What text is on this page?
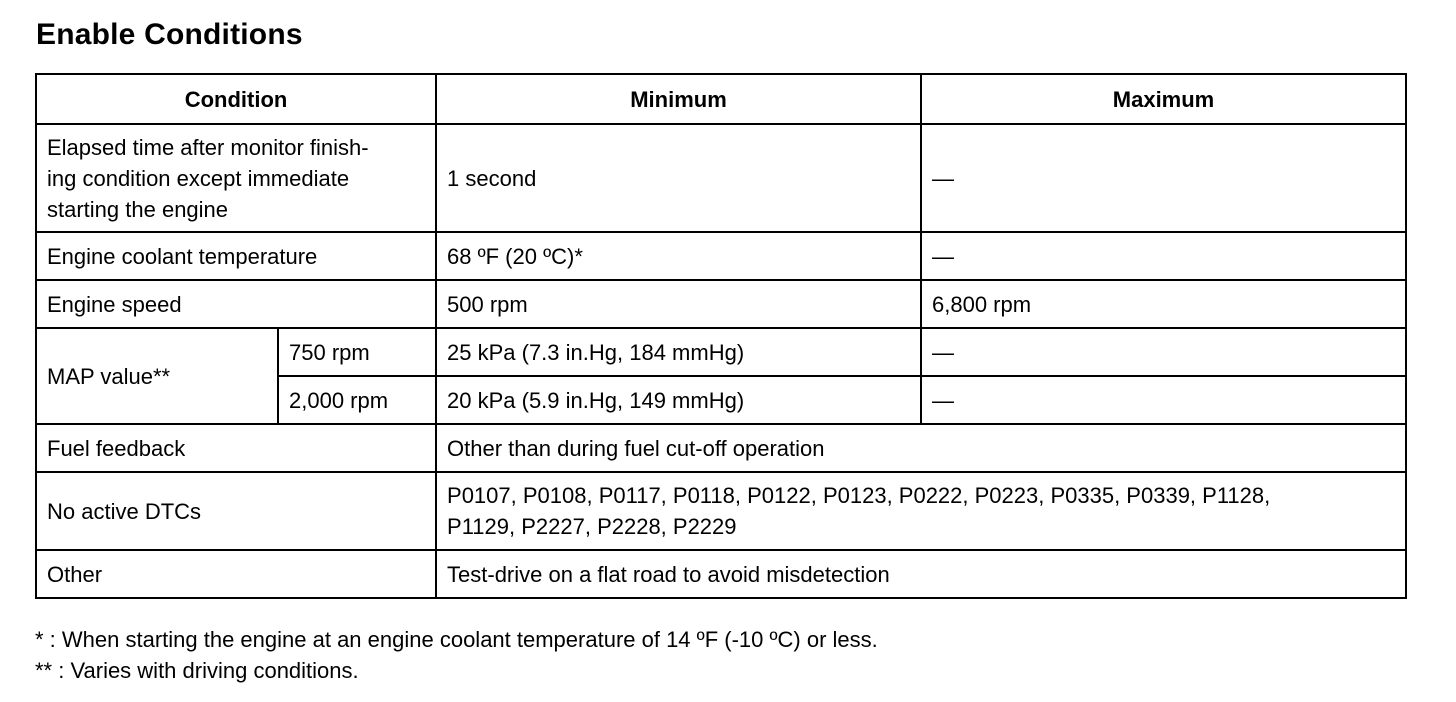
Enable Conditions
Condition		Minimum	Maximum

Elapsed time after monitor finish-
ing condition except immediate
starting the engine		1 second	—
Engine coolant temperature		68 ºF (20 ºC)*	—
Engine speed		500 rpm	6,800 rpm
MAP value**	750 rpm	25 kPa (7.3 in.Hg, 184 mmHg)	—
	2,000 rpm	20 kPa (5.9 in.Hg, 149 mmHg)	—
Fuel feedback		Other than during fuel cut-off operation	
No active DTCs		P0107, P0108, P0117, P0118, P0122, P0123, P0222, P0223, P0335, P0339, P1128,
P1129, P2227, P2228, P2229	

Other		Test-drive on a flat road to avoid misdetection	
* : When starting the engine at an engine coolant temperature of 14 ºF (-10 ºC) or less.
** : Varies with driving conditions.
